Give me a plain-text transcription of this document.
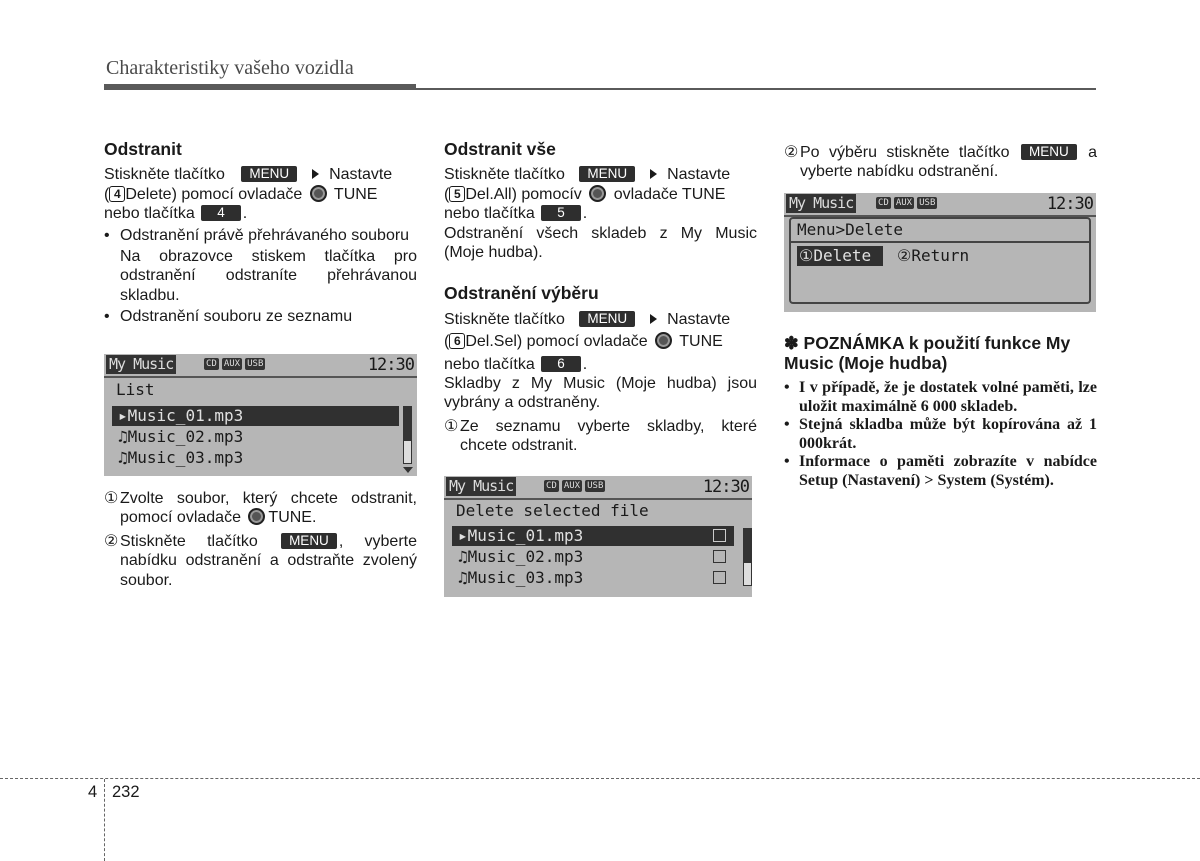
Charakteristiky vašeho vozidla
Odstranit

Stiskněte tlačítko MENU Nastavte

( 4 Delete) pomocí ovladače TUNE

nebo tlačítka 4 .

• Odstranění právě přehrávaného souboru
Na obrazovce stiskem tlačítka pro odstranění odstraníte přehrávanou skladbu.
• Odstranění souboru ze seznamu
My Music	CD AUX USB	12:30
List
▸Music_01.mp3
♫Music_02.mp3
♫Music_03.mp3
① Zvolte soubor, který chcete odstranit, pomocí ovladače TUNE.
② Stiskněte tlačítko MENU , vyberte nabídku odstranění a odstraňte zvolený soubor.
Odstranit vše

Stiskněte tlačítko MENU Nastavte

( 5 Del.All) pomocív ovladače TUNE

nebo tlačítka 5 .

Odstranění všech skladeb z My Music (Moje hudba).

Odstranění výběru

Stiskněte tlačítko MENU Nastavte

( 6 Del.Sel) pomocí ovladače TUNE

nebo tlačítka 6 .

Skladby z My Music (Moje hudba) jsou vybrány a odstraněny.

① Ze seznamu vyberte skladby, které chcete odstranit.
My Music	CD AUX USB	12:30
Delete selected file
▸Music_01.mp3
♫Music_02.mp3
♫Music_03.mp3
② Po výběru stiskněte tlačítko MENU a vyberte nabídku odstranění.
My Music	CD AUX USB	12:30
Menu>Delete
①Delete	②Return
✽ POZNÁMKA k použití funkce My Music (Moje hudba)
• I v případě, že je dostatek volné paměti, lze uložit maximálně 6 000 skladeb.
• Stejná skladba může být kopírována až 1 000krát.
• Informace o paměti zobrazíte v nabídce Setup (Nastavení) > System (Systém).
4 232
